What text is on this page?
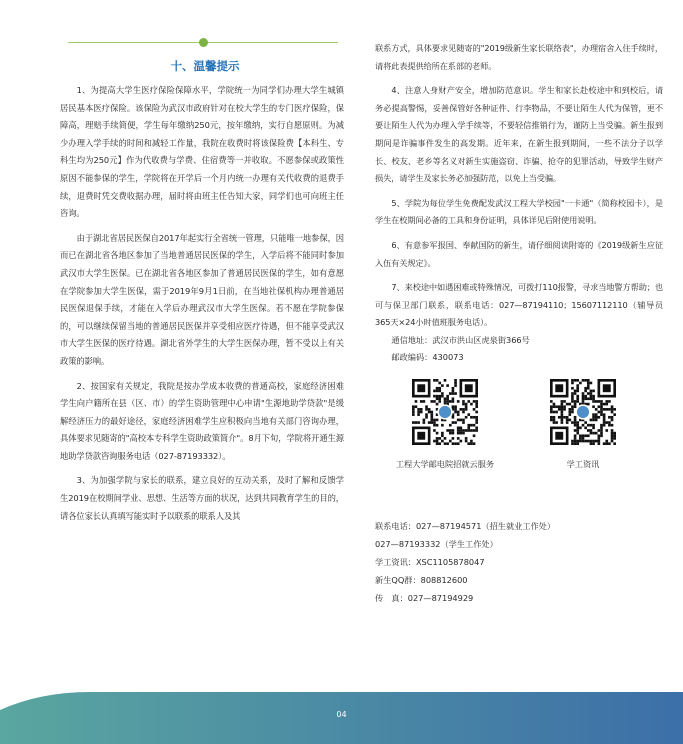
十、温馨提示

1、为提高大学生医疗保险保障水平，学院统一为同学们办理大学生城镇居民基本医疗保险。该保险为武汉市政府针对在校大学生的专门医疗保险，保障高，理赔手续简便，学生每年缴纳250元，按年缴纳，实行自愿原则。为减少办理入学手续的时间和减轻工作量，我院在收费时将该保险费【本科生、专科生均为250元】作为代收费与学费、住宿费等一并收取。不愿参保或政策性原因不能参保的学生，学院将在开学后一个月内统一办理有关代收费的退费手续，退费时凭交费收据办理，届时将由班主任告知大家，同学们也可向班主任咨询。

由于湖北省居民医保自2017年起实行全省统一管理，只能唯一地参保，因而已在湖北省各地区参加了当地普通居民医保的学生，入学后将不能同时参加武汉市大学生医保。已在湖北省各地区参加了普通居民医保的学生，如有意愿在学院参加大学生医保，需于2019年9月1日前，在当地社保机构办理普通居民医保退保手续，才能在入学后办理武汉市大学生医保。若不愿在学院参保的，可以继续保留当地的普通居民医保并享受相应医疗待遇，但不能享受武汉市大学生医保的医疗待遇。湖北省外学生的大学生医保办理，暂不受以上有关政策的影响。

2、按国家有关规定，我院是按办学成本收费的普通高校，家庭经济困难学生向户籍所在县（区、市）的学生资助管理中心申请"生源地助学贷款"是缓解经济压力的最好途径，家庭经济困难学生应积极向当地有关部门咨询办理，具体要求见随寄的"高校本专科学生资助政策简介"。8月下旬，学院将开通生源地助学贷款咨询服务电话（027-87193332）。

3、为加强学院与家长的联系，建立良好的互动关系，及时了解和反馈学生2019在校期间学业、思想、生活等方面的状况，达到共同教育学生的目的，请各位家长认真填写能实时予以联系的联系人及其

联系方式，具体要求见随寄的"2019级新生家长联络表"，办理宿舍入住手续时，请将此表提供给所在系部的老师。

4、注意人身财产安全，增加防范意识。学生和家长赴校途中和到校后，请务必提高警惕，妥善保管好各种证件、行李物品，不要让陌生人代为保管，更不要让陌生人代为办理入学手续等，不要轻信推销行为，谨防上当受骗。新生报到期间是诈骗事件发生的高发期。近年来，在新生报到期间，一些不法分子以学长、校友、老乡等名义对新生实施盗窃、诈骗、抢夺的犯罪活动，导致学生财产损失，请学生及家长务必加强防范，以免上当受骗。

5、学院为每位学生免费配发武汉工程大学校园"一卡通"（简称校园卡），是学生在校期间必备的工具和身份证明，具体详见后附使用说明。

6、有意参军报国、奉献国防的新生，请仔细阅读附寄的《2019级新生应征入伍有关规定》。

7、来校途中如遇困难或特殊情况，可拨打110报警，寻求当地警方帮助；也可与保卫部门联系，联系电话：027—87194110；15607112110（辅导员365天×24小时值班服务电话）。

通信地址：武汉市洪山区虎泉街366号

邮政编码：430073

工程大学邮电院招就云服务	学工资讯

联系电话：027—87194571（招生就业工作处）

027—87193332（学生工作处）

学工资讯：XSC1105878047

新生QQ群：808812600

传　真：027—87194929

04
